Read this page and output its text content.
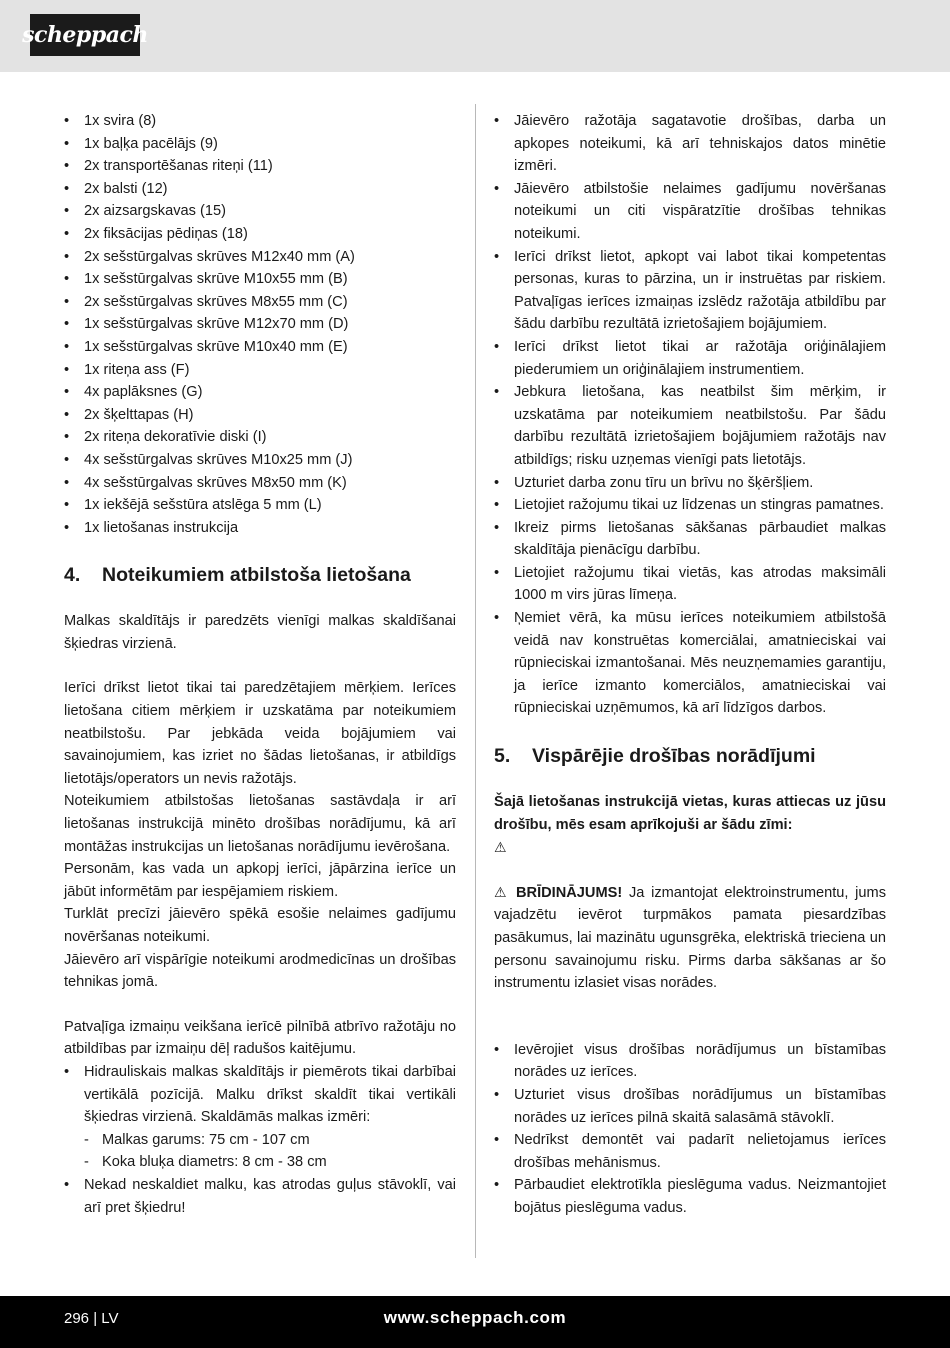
scheppach
• 1x svira (8)
• 1x baļķa pacēlājs (9)
• 2x transportēšanas riteņi (11)
• 2x balsti (12)
• 2x aizsargskavas (15)
• 2x fiksācijas pēdiņas (18)
• 2x sešstūrgalvas skrūves M12x40 mm (A)
• 1x sešstūrgalvas skrūve M10x55 mm (B)
• 2x sešstūrgalvas skrūves M8x55 mm (C)
• 1x sešstūrgalvas skrūve M12x70 mm (D)
• 1x sešstūrgalvas skrūve M10x40 mm (E)
• 1x riteņa ass (F)
• 4x paplāksnes (G)
• 2x šķelttapas (H)
• 2x riteņa dekoratīvie diski (I)
• 4x sešstūrgalvas skrūves M10x25 mm (J)
• 4x sešstūrgalvas skrūves M8x50 mm (K)
• 1x iekšējā sešstūra atslēga 5 mm (L)
• 1x lietošanas instrukcija
4.	Noteikumiem atbilstoša lietošana

Malkas skaldītājs ir paredzēts vienīgi malkas skaldīšanai šķiedras virzienā.

Ierīci drīkst lietot tikai tai paredzētajiem mērķiem. Ierīces lietošana citiem mērķiem ir uzskatāma par noteikumiem neatbilstošu. Par jebkāda veida bojājumiem vai savainojumiem, kas izriet no šādas lietošanas, ir atbildīgs lietotājs/operators un nevis ražotājs.

Noteikumiem atbilstošas lietošanas sastāvdaļa ir arī lietošanas instrukcijā minēto drošības norādījumu, kā arī montāžas instrukcijas un lietošanas norādījumu ievērošana.

Personām, kas vada un apkopj ierīci, jāpārzina ierīce un jābūt informētām par iespējamiem riskiem.

Turklāt precīzi jāievēro spēkā esošie nelaimes gadījumu novēršanas noteikumi.

Jāievēro arī vispārīgie noteikumi arodmedicīnas un drošības tehnikas jomā.

Patvaļīga izmaiņu veikšana ierīcē pilnībā atbrīvo ražotāju no atbildības par izmaiņu dēļ radušos kaitējumu.

• Hidrauliskais malkas skaldītājs ir piemērots tikai darbībai vertikālā pozīcijā. Malku drīkst skaldīt tikai vertikāli šķiedras virzienā. Skaldāmās malkas izmēri:
- Malkas garums: 75 cm - 107 cm
- Koka bluķa diametrs: 8 cm - 38 cm
• Nekad neskaldiet malku, kas atrodas guļus stāvoklī, vai arī pret šķiedru!
• Jāievēro ražotāja sagatavotie drošības, darba un apkopes noteikumi, kā arī tehniskajos datos minētie izmēri.
• Jāievēro atbilstošie nelaimes gadījumu novēršanas noteikumi un citi vispāratzītie drošības tehnikas noteikumi.
• Ierīci drīkst lietot, apkopt vai labot tikai kompetentas personas, kuras to pārzina, un ir instruētas par riskiem. Patvaļīgas ierīces izmaiņas izslēdz ražotāja atbildību par šādu darbību rezultātā izrietošajiem bojājumiem.
• Ierīci drīkst lietot tikai ar ražotāja oriģinālajiem piederumiem un oriģinālajiem instrumentiem.
• Jebkura lietošana, kas neatbilst šim mērķim, ir uzskatāma par noteikumiem neatbilstošu. Par šādu darbību rezultātā izrietošajiem bojājumiem ražotājs nav atbildīgs; risku uzņemas vienīgi pats lietotājs.
• Uzturiet darba zonu tīru un brīvu no šķēršļiem.
• Lietojiet ražojumu tikai uz līdzenas un stingras pamatnes.
• Ikreiz pirms lietošanas sākšanas pārbaudiet malkas skaldītāja pienācīgu darbību.
• Lietojiet ražojumu tikai vietās, kas atrodas maksimāli 1000 m virs jūras līmeņa.
• Ņemiet vērā, ka mūsu ierīces noteikumiem atbilstošā veidā nav konstruētas komerciālai, amatnieciskai vai rūpnieciskai izmantošanai. Mēs neuzņemamies garantiju, ja ierīce izmanto komerciālos, amatnieciskai vai rūpnieciskai uzņēmumos, kā arī līdzīgos darbos.
5.	Vispārējie drošības norādījumi

Šajā lietošanas instrukcijā vietas, kuras attiecas uz jūsu drošību, mēs esam aprīkojuši ar šādu zīmi:

⚠

⚠ BRĪDINĀJUMS! Ja izmantojat elektroinstrumentu, jums vajadzētu ievērot turpmākos pamata piesardzības pasākumus, lai mazinātu ugunsgrēka, elektriskā trieciena un personu savainojumu risku. Pirms darba sākšanas ar šo instrumentu izlasiet visas norādes.

• Ievērojiet visus drošības norādījumus un bīstamības norādes uz ierīces.
• Uzturiet visus drošības norādījumus un bīstamības norādes uz ierīces pilnā skaitā salasāmā stāvoklī.
• Nedrīkst demontēt vai padarīt nelietojamus ierīces drošības mehānismus.
• Pārbaudiet elektrotīkla pieslēguma vadus. Neizmantojiet bojātus pieslēguma vadus.
296 | LV	www.scheppach.com
